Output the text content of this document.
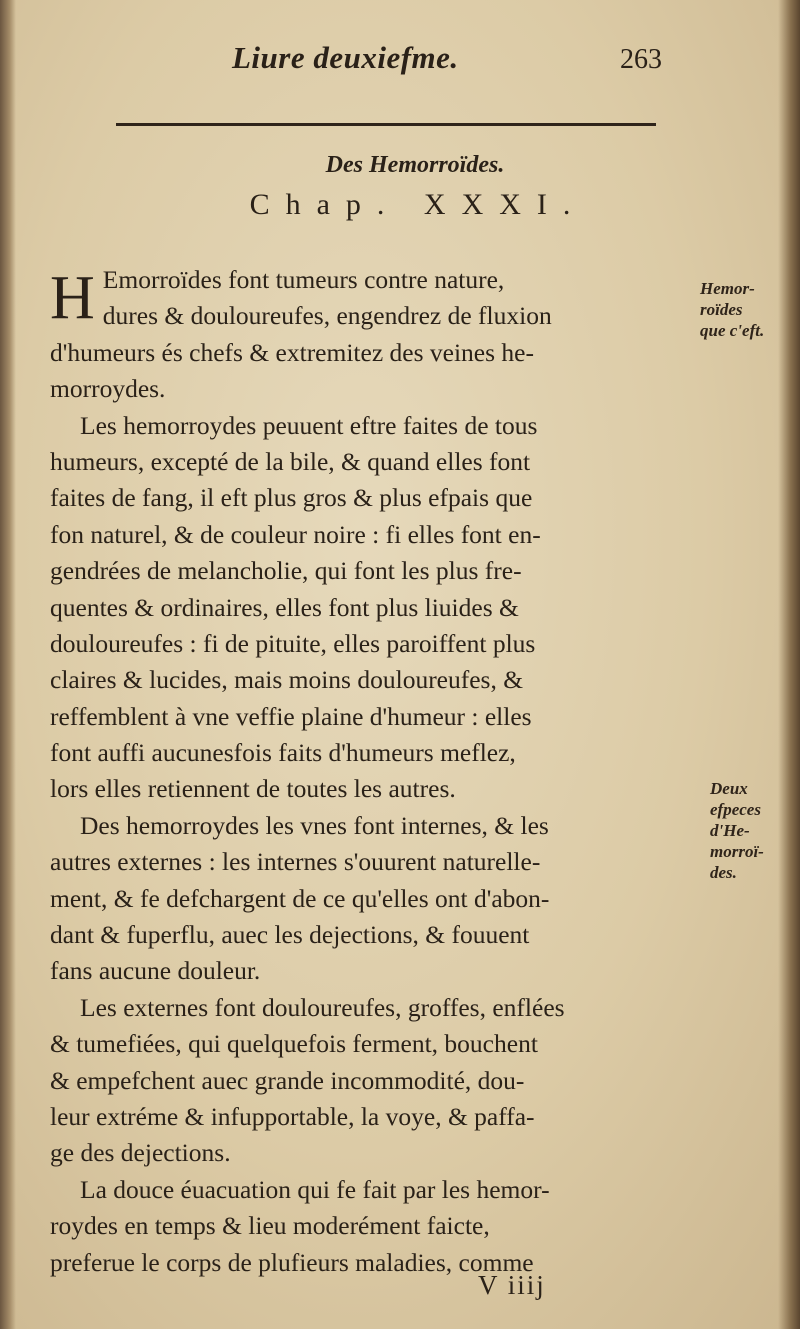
Liure deuxiefme.	263
Des Hemorroïdes.
Chap. XXXI.
H Emorroïdes font tumeurs contre nature,
dures & douloureufes, engendrez de fluxion
d'humeurs és chefs & extremitez des veines he-
morroydes.
Les hemorroydes peuuent eftre faites de tous
humeurs, excepté de la bile, & quand elles font
faites de fang, il eft plus gros & plus efpais que
fon naturel, & de couleur noire : fi elles font en-
gendrées de melancholie, qui font les plus fre-
quentes & ordinaires, elles font plus liuides &
douloureufes : fi de pituite, elles paroiffent plus
claires & lucides, mais moins douloureufes, &
reffemblent à vne veffie plaine d'humeur : elles
font auffi aucunesfois faits d'humeurs meflez,
lors elles retiennent de toutes les autres.
Des hemorroydes les vnes font internes, & les
autres externes : les internes s'ouurent naturelle-
ment, & fe defchargent de ce qu'elles ont d'abon-
dant & fuperflu, auec les dejections, & fouuent
fans aucune douleur.
Les externes font douloureufes, groffes, enflées
& tumefiées, qui quelquefois ferment, bouchent
& empefchent auec grande incommodité, dou-
leur extréme & infupportable, la voye, & paffa-
ge des dejections.
La douce éuacuation qui fe fait par les hemor-
roydes en temps & lieu moderément faicte,
preferue le corps de plufieurs maladies, comme
Hemor-
roïdes
que c'eft.
Deux
efpeces
d'He-
morroï-
des.
V iiij
